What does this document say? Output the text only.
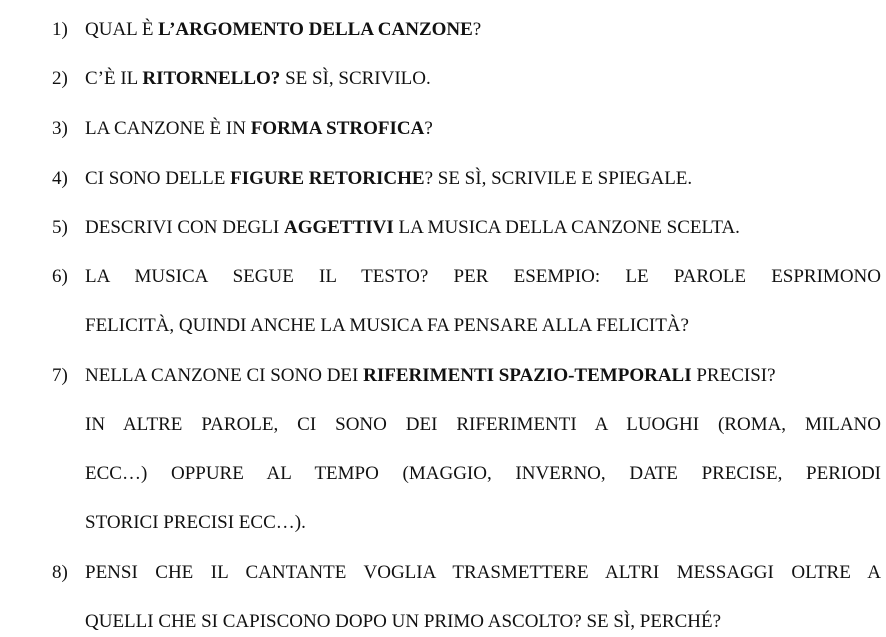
1) QUAL È L’ARGOMENTO DELLA CANZONE?
2) C’È IL RITORNELLO? SE SÌ, SCRIVILO.
3) LA CANZONE È IN FORMA STROFICA?
4) CI SONO DELLE FIGURE RETORICHE? SE SÌ, SCRIVILE E SPIEGALE.
5) DESCRIVI CON DEGLI AGGETTIVI LA MUSICA DELLA CANZONE SCELTA.
6) LA MUSICA SEGUE IL TESTO? PER ESEMPIO: LE PAROLE ESPRIMONO
FELICITÀ, QUINDI ANCHE LA MUSICA FA PENSARE ALLA FELICITÀ?
7) NELLA CANZONE CI SONO DEI RIFERIMENTI SPAZIO-TEMPORALI PRECISI?
IN ALTRE PAROLE, CI SONO DEI RIFERIMENTI A LUOGHI (ROMA, MILANO
ECC…) OPPURE AL TEMPO (MAGGIO, INVERNO, DATE PRECISE, PERIODI
STORICI PRECISI ECC…).
8) PENSI CHE IL CANTANTE VOGLIA TRASMETTERE ALTRI MESSAGGI OLTRE A
QUELLI CHE SI CAPISCONO DOPO UN PRIMO ASCOLTO? SE SÌ, PERCHÉ?
